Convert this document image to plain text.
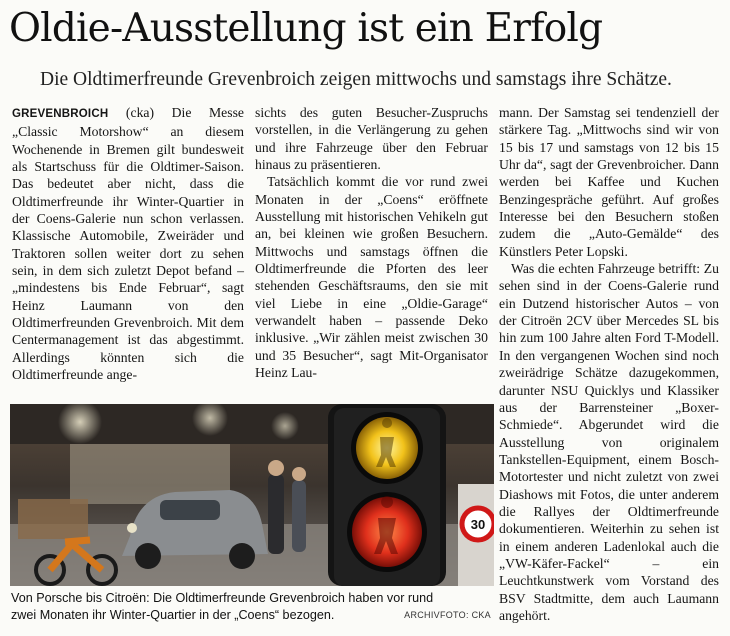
Oldie-Ausstellung ist ein Erfolg
Die Oldtimerfreunde Grevenbroich zeigen mittwochs und samstags ihre Schätze.

GREVENBROICH (cka) Die Messe „Classic Motorshow“ an diesem Wochenende in Bremen gilt bundesweit als Startschuss für die Oldtimer-Saison. Das bedeutet aber nicht, dass die Oldtimerfreunde ihr Winter-Quartier in der Coens-Galerie nun schon verlassen. Klassische Automobile, Zweiräder und Traktoren sollen weiter dort zu sehen sein, in dem sich zuletzt Depot befand – „mindestens bis Ende Februar“, sagt Heinz Laumann von den Oldtimerfreunden Grevenbroich. Mit dem Centermanagement ist das abgestimmt. Allerdings könnten sich die Oldtimerfreunde ange-

sichts des guten Besucher-Zuspruchs vorstellen, in die Verlängerung zu gehen und ihre Fahrzeuge über den Februar hinaus zu präsentieren.

Tatsächlich kommt die vor rund zwei Monaten in der „Coens“ eröffnete Ausstellung mit historischen Vehikeln gut an, bei kleinen wie großen Besuchern. Mittwochs und samstags öffnen die Oldtimerfreunde die Pforten des leer stehenden Geschäftsraums, den sie mit viel Liebe in eine „Oldie-Garage“ verwandelt haben – passende Deko inklusive. „Wir zählen meist zwischen 30 und 35 Besucher“, sagt Mit-Organisator Heinz Lau-

mann. Der Samstag sei tendenziell der stärkere Tag. „Mittwochs sind wir von 15 bis 17 und samstags von 12 bis 15 Uhr da“, sagt der Grevenbroicher. Dann werden bei Kaffee und Kuchen Benzingespräche geführt. Auf großes Interesse bei den Besuchern stoßen zudem die „Auto-Gemälde“ des Künstlers Peter Lopski.

Was die echten Fahrzeuge betrifft: Zu sehen sind in der Coens-Galerie rund ein Dutzend historischer Autos – von der Citroën 2CV über Mercedes SL bis hin zum 100 Jahre alten Ford T-Modell. In den vergangenen Wochen sind noch zweirädrige Schätze dazugekommen, darunter NSU Quicklys und Klassiker aus der Barrensteiner „Boxer-Schmiede“. Abgerundet wird die Ausstellung von originalem Tankstellen-Equipment, einem Bosch-Motortester und nicht zuletzt von zwei Diashows mit Fotos, die unter anderem die Rallyes der Oldtimerfreunde dokumentieren. Weiterhin zu sehen ist in einem anderen Ladenlokal auch die „VW-Käfer-Fackel“ – ein Leuchtkunstwerk vom Vorstand des BSV Stadtmitte, dem auch Laumann angehört.

30
Von Porsche bis Citroën: Die Oldtimerfreunde Grevenbroich haben vor rund
zwei Monaten ihr Winter-Quartier in der „Coens“ bezogen.	ARCHIVFOTO: CKA
